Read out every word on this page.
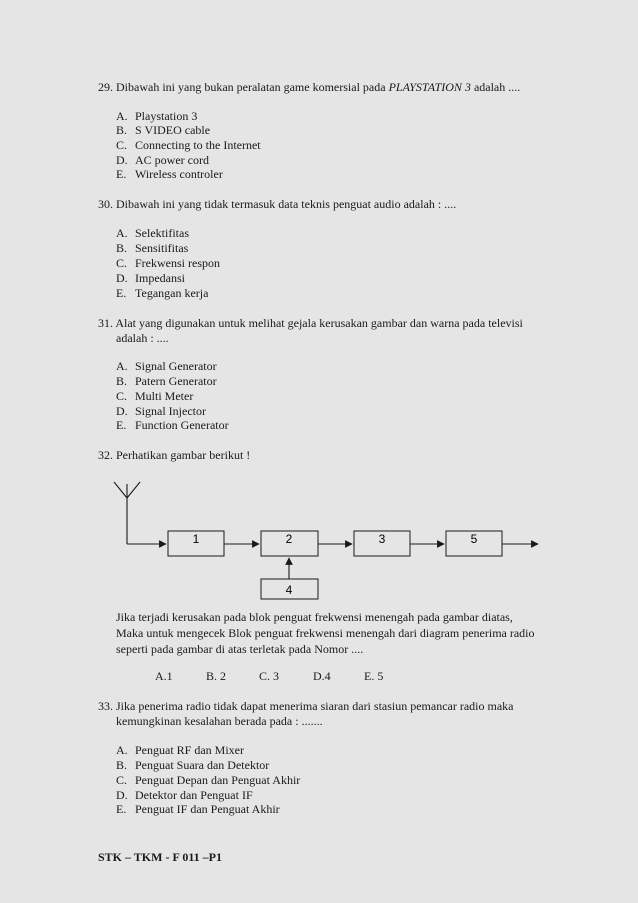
29. Dibawah ini yang bukan peralatan game komersial pada PLAYSTATION 3 adalah ....
A. Playstation 3
B. S VIDEO cable
C. Connecting to the Internet
D. AC power cord
E. Wireless controler
30. Dibawah ini yang tidak termasuk data teknis penguat audio adalah : ....
A. Selektifitas
B. Sensitifitas
C. Frekwensi respon
D. Impedansi
E. Tegangan kerja
31. Alat yang digunakan untuk melihat gejala kerusakan gambar dan warna pada televisi
adalah : ....
A. Signal Generator
B. Patern Generator
C. Multi Meter
D. Signal Injector
E. Function Generator
32. Perhatikan gambar berikut !
1	2	3
4
5
Jika terjadi kerusakan pada blok penguat frekwensi menengah pada gambar diatas,
Maka untuk mengecek Blok penguat frekwensi menengah dari diagram penerima radio
seperti pada gambar di atas terletak pada Nomor ....
A.1	B. 2	C. 3	D.4	E. 5
33. Jika penerima radio tidak dapat menerima siaran dari stasiun pemancar radio maka
kemungkinan kesalahan berada pada : .......
A. Penguat RF dan Mixer
B. Penguat Suara dan Detektor
C. Penguat Depan dan Penguat Akhir
D. Detektor dan Penguat IF
E. Penguat IF dan Penguat Akhir
STK – TKM - F 011 –P1
